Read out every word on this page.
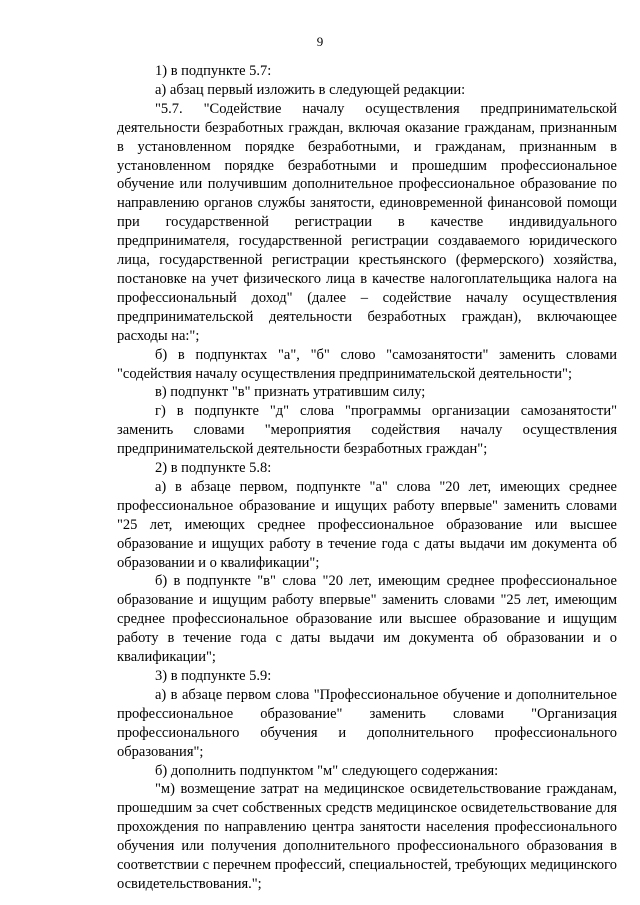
9

1) в подпункте 5.7:

а) абзац первый изложить в следующей редакции:

"5.7. "Содействие началу осуществления предпринимательской деятельности безработных граждан, включая оказание гражданам, признанным в установленном порядке безработными, и гражданам, признанным в установленном порядке безработными и прошедшим профессиональное обучение или получившим дополнительное профессиональное образование по направлению органов службы занятости, единовременной финансовой помощи при государственной регистрации в качестве индивидуального предпринимателя, государственной регистрации создаваемого юридического лица, государственной регистрации крестьянского (фермерского) хозяйства, постановке на учет физического лица в качестве налогоплательщика налога на профессиональный доход" (далее – содействие началу осуществления предпринимательской деятельности безработных граждан), включающее расходы на:";

б) в подпунктах "а", "б" слово "самозанятости" заменить словами "содействия началу осуществления предпринимательской деятельности";

в) подпункт "в" признать утратившим силу;

г) в подпункте "д" слова "программы организации самозанятости" заменить словами "мероприятия содействия началу осуществления предпринимательской деятельности безработных граждан";

2) в подпункте 5.8:

а) в абзаце первом, подпункте "а" слова "20 лет, имеющих среднее профессиональное образование и ищущих работу впервые" заменить словами "25 лет, имеющих среднее профессиональное образование или высшее образование и ищущих работу в течение года с даты выдачи им документа об образовании и о квалификации";

б) в подпункте "в" слова "20 лет, имеющим среднее профессиональное образование и ищущим работу впервые" заменить словами "25 лет, имеющим среднее профессиональное образование или высшее образование и ищущим работу в течение года с даты выдачи им документа об образовании и о квалификации";

3) в подпункте 5.9:

а) в абзаце первом слова "Профессиональное обучение и дополнительное профессиональное образование" заменить словами "Организация профессионального обучения и дополнительного профессионального образования";

б) дополнить подпунктом "м" следующего содержания:

"м) возмещение затрат на медицинское освидетельствование гражданам, прошедшим за счет собственных средств медицинское освидетельствование для прохождения по направлению центра занятости населения профессионального обучения или получения дополнительного профессионального образования в соответствии с перечнем профессий, специальностей, требующих медицинского освидетельствования.";
